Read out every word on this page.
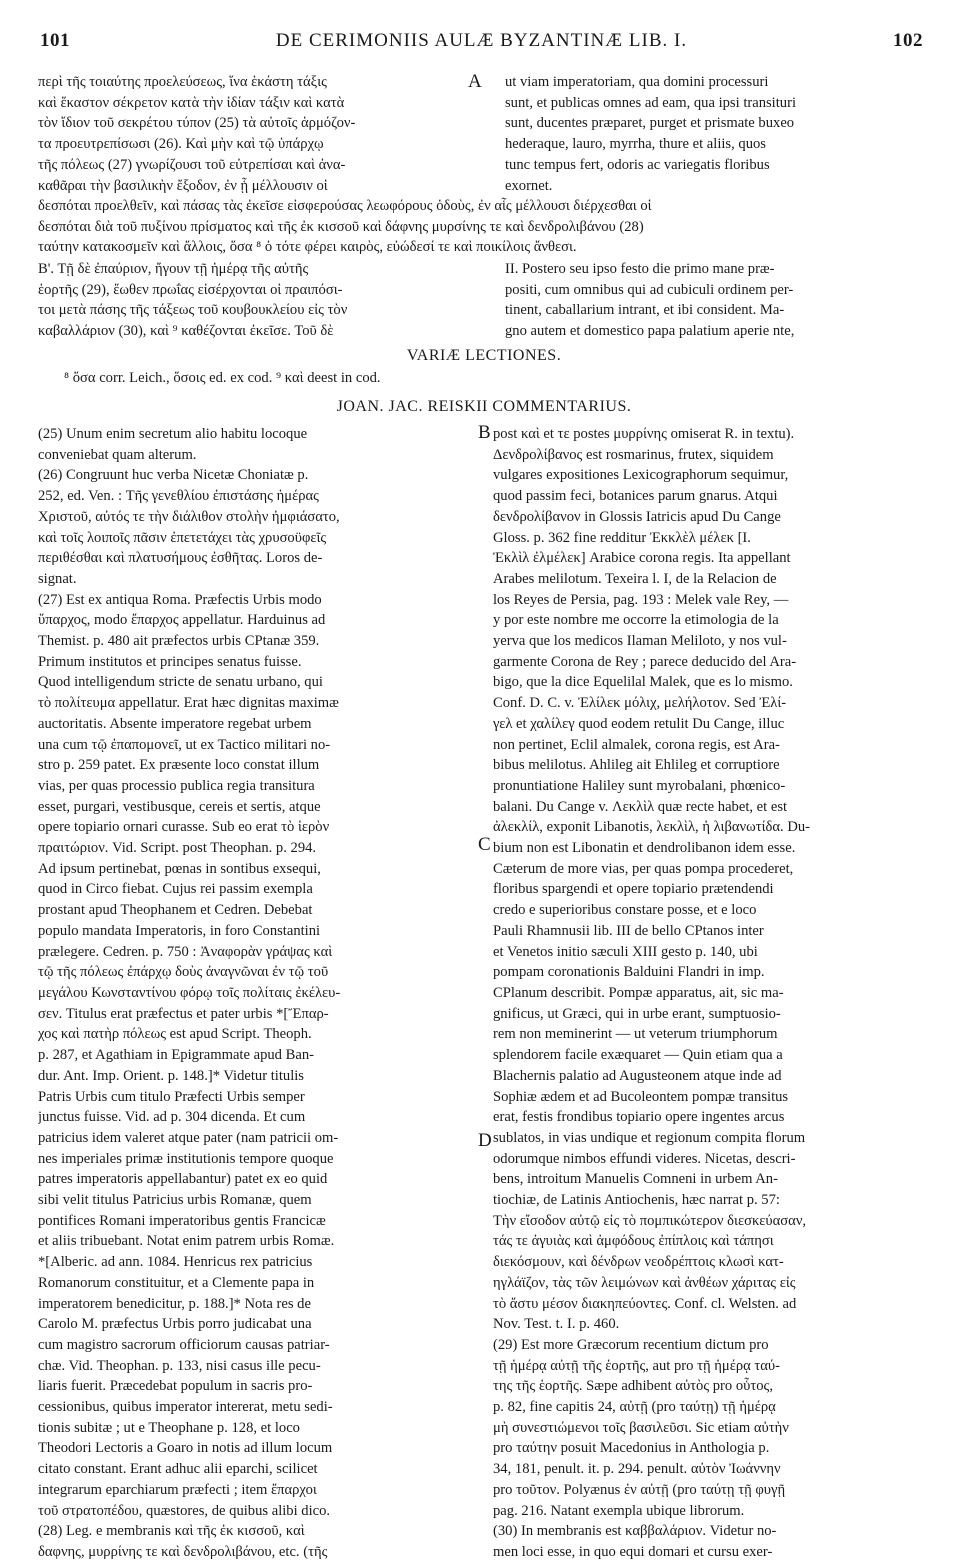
101	DE CERIMONIIS AULÆ BYZANTINÆ LIB. I.	102
A
B
C
D
περὶ τῆς τοιαύτης προελεύσεως, ἵνα ἑκάστη τάξις
καὶ ἕκαστον σέκρετον κατὰ τὴν ἰδίαν τάξιν καὶ κατὰ
τὸν ἴδιον τοῦ σεκρέτου τύπον (25) τὰ αὐτοῖς ἁρμόζον-
τα προευτρεπίσωσι (26). Καὶ μὴν καὶ τῷ ὑπάρχῳ
τῆς πόλεως (27) γνωρίζουσι τοῦ εὐτρεπίσαι καὶ ἀνα-
καθᾶραι τὴν βασιλικὴν ἔξοδον, ἐν ᾗ μέλλουσιν οἱ
ut viam imperatoriam, qua domini processuri
sunt, et publicas omnes ad eam, qua ipsi transituri
sunt, ducentes præparet, purget et prismate buxeo
hederaque, lauro, myrrha, thure et aliis, quos
tunc tempus fert, odoris ac variegatis floribus
exornet.
δεσπόται προελθεῖν, καὶ πάσας τὰς ἐκεῖσε εἰσφερούσας λεωφόρους ὁδοὺς, ἐν αἷς μέλλουσι διέρχεσθαι οἱ
δεσπόται διὰ τοῦ πυξίνου πρίσματος καὶ τῆς ἐκ κισσοῦ καὶ δάφνης μυρσίνης τε καὶ δενδρολιβάνου (28)
ταύτην κατακοσμεῖν καὶ ἄλλοις, ὅσα ⁸ ὁ τότε φέρει καιρὸς, εὐώδεσί τε καὶ ποικίλοις ἄνθεσι.
Β'. Τῇ δὲ ἐπαύριον, ἤγουν τῇ ἡμέρᾳ τῆς αὐτῆς
ἑορτῆς (29), ἕωθεν πρωΐας εἰσέρχονται οἱ πραιπόσι-
τοι μετὰ πάσης τῆς τάξεως τοῦ κουβουκλείου εἰς τὸν
καβαλλάριον (30), καὶ ⁹ καθέζονται ἐκεῖσε. Τοῦ δὲ
II. Postero seu ipso festo die primo mane præ-
positi, cum omnibus qui ad cubiculi ordinem per-
tinent, caballarium intrant, et ibi consident. Ma-
gno autem et domestico papa palatium aperie nte,
VARIÆ LECTIONES.
⁸ ὅσα corr. Leich., ὅσοις ed. ex cod. ⁹ καὶ deest in cod.
JOAN. JAC. REISKII COMMENTARIUS.
(25) Unum enim secretum alio habitu locoque
conveniebat quam alterum.
(26) Congruunt huc verba Nicetæ Choniatæ p.
252, ed. Ven. : Τῆς γενεθλίου ἐπιστάσης ἡμέρας
Χριστοῦ, αὐτός τε τὴν διάλιθον στολὴν ἠμφιάσατο,
καὶ τοῖς λοιποῖς πᾶσιν ἐπετετάχει τὰς χρυσοϋφεῖς
περιθέσθαι καὶ πλατυσήμους ἐσθῆτας. Loros de-
signat.
(27) Est ex antiqua Roma. Præfectis Urbis modo
ὕπαρχος, modo ἔπαρχος appellatur. Harduinus ad
Themist. p. 480 ait præfectos urbis CPtanæ 359.
Primum institutos et principes senatus fuisse.
Quod intelligendum stricte de senatu urbano, qui
τὸ πολίτευμα appellatur. Erat hæc dignitas maximæ
auctoritatis. Absente imperatore regebat urbem
una cum τῷ ἐπαπομονεῖ, ut ex Tactico militari no-
stro p. 259 patet. Ex præsente loco constat illum
vias, per quas processio publica regia transitura
esset, purgari, vestibusque, cereis et sertis, atque
opere topiario ornari curasse. Sub eo erat τὸ ἱερὸν
πραιτώριον. Vid. Script. post Theophan. p. 294.
Ad ipsum pertinebat, pœnas in sontibus exsequi,
quod in Circo fiebat. Cujus rei passim exempla
prostant apud Theophanem et Cedren. Debebat
populo mandata Imperatoris, in foro Constantini
prælegere. Cedren. p. 750 : Ἀναφορὰν γράψας καὶ
τῷ τῆς πόλεως ἐπάρχῳ δοὺς ἀναγνῶναι ἐν τῷ τοῦ
μεγάλου Κωνσταντίνου φόρῳ τοῖς πολίταις ἐκέλευ-
σεν. Titulus erat præfectus et pater urbis *[Ἔπαρ-
χος καὶ πατὴρ πόλεως est apud Script. Theoph.
p. 287, et Agathiam in Epigrammate apud Ban-
dur. Ant. Imp. Orient. p. 148.]* Videtur titulis
Patris Urbis cum titulo Præfecti Urbis semper
junctus fuisse. Vid. ad p. 304 dicenda. Et cum
patricius idem valeret atque pater (nam patricii om-
nes imperiales primæ institutionis tempore quoque
patres imperatoris appellabantur) patet ex eo quid
sibi velit titulus Patricius urbis Romanæ, quem
pontifices Romani imperatoribus gentis Francicæ
et aliis tribuebant. Notat enim patrem urbis Romæ.
*[Alberic. ad ann. 1084. Henricus rex patricius
Romanorum constituitur, et a Clemente papa in
imperatorem benedicitur, p. 188.]* Nota res de
Carolo M. præfectus Urbis porro judicabat una
cum magistro sacrorum officiorum causas patriar-
chæ. Vid. Theophan. p. 133, nisi casus ille pecu-
liaris fuerit. Præcedebat populum in sacris pro-
cessionibus, quibus imperator intererat, metu sedi-
tionis subitæ ; ut e Theophane p. 128, et loco
Theodori Lectoris a Goaro in notis ad illum locum
citato constant. Erant adhuc alii eparchi, scilicet
integrarum eparchiarum præfecti ; item ἔπαρχοι
τοῦ στρατοπέδου, quæstores, de quibus alibi dico.
(28) Leg. e membranis καὶ τῆς ἐκ κισσοῦ, καὶ
δαφνης, μυρρίνης τε καὶ δενδρολιβάνου, etc. (τῆς
post καὶ et τε postes μυρρίνης omiserat R. in textu).
Δενδρολίβανος est rosmarinus, frutex, siquidem
vulgares expositiones Lexicographorum sequimur,
quod passim feci, botanices parum gnarus. Atqui
δενδρολίβανον in Glossis Iatricis apud Du Cange
Gloss. p. 362 fine redditur Ἐκκλὲλ μέλεκ [Ι.
Ἐκλὶλ ἐλμέλεκ] Arabice corona regis. Ita appellant
Arabes melilotum. Texeira l. I, de la Relacion de
los Reyes de Persia, pag. 193 : Melek vale Rey, —
y por este nombre me occorre la etimologia de la
yerva que los medicos Ilaman Meliloto, y nos vul-
garmente Corona de Rey ; parece deducido del Ara-
bigo, que la dice Equelilal Malek, que es lo mismo.
Conf. D. C. v. Ἐλίλεκ μόλιχ, μελήλοτον. Sed Ἐλί-
γελ et χαλίλεγ quod eodem retulit Du Cange, illuc
non pertinet, Eclil almalek, corona regis, est Ara-
bibus melilotus. Ahlileg ait Ehlileg et corruptiore
pronuntiatione Haliley sunt myrobalani, phœnico-
balani. Du Cange v. Λεκλὶλ quæ recte habet, et est
ἀλεκλίλ, exponit Libanotis, λεκλὶλ, ἡ λιβανωτίδα. Du-
bium non est Libonatin et dendrolibanon idem esse.
Cæterum de more vias, per quas pompa procederet,
floribus spargendi et opere topiario prætendendi
credo e superioribus constare posse, et e loco
Pauli Rhamnusii lib. III de bello CPtanos inter
et Venetos initio sæculi XIII gesto p. 140, ubi
pompam coronationis Balduini Flandri in imp.
CPlanum describit. Pompæ apparatus, ait, sic ma-
gnificus, ut Græci, qui in urbe erant, sumptuosio-
rem non meminerint — ut veterum triumphorum
splendorem facile exæquaret — Quin etiam qua a
Blachernis palatio ad Augusteonem atque inde ad
Sophiæ ædem et ad Bucoleontem pompæ transitus
erat, festis frondibus topiario opere ingentes arcus
sublatos, in vias undique et regionum compita florum
odorumque nimbos effundi videres. Nicetas, descri-
bens, introitum Manuelis Comneni in urbem An-
tiochiæ, de Latinis Antiochenis, hæc narrat p. 57:
Τὴν εἴσοδον αὐτῷ εἰς τὸ πομπικώτερον διεσκεύασαν,
τάς τε ἀγυιὰς καὶ ἀμφόδους ἐπίπλοις καὶ τάπησι
διεκόσμουν, καὶ δένδρων νεοδρέπτοις κλωσὶ κατ-
ηγλάϊζον, τὰς τῶν λειμώνων καὶ ἀνθέων χάριτας εἰς
τὸ ἄστυ μέσον διακηπεύοντες. Conf. cl. Welsten. ad
Nov. Test. t. I. p. 460.
(29) Est more Græcorum recentium dictum pro
τῇ ἡμέρᾳ αὐτῇ τῆς ἑορτῆς, aut pro τῇ ἡμέρᾳ ταύ-
της τῆς ἑορτῆς. Sæpe adhibent αὐτὸς pro οὗτος,
p. 82, fine capitis 24, αὐτῇ (pro ταύτῃ) τῇ ἡμέρᾳ
μὴ συνεστιώμενοι τοῖς βασιλεῦσι. Sic etiam αὐτὴν
pro ταύτην posuit Macedonius in Anthologia p.
34, 181, penult. it. p. 294. penult. αὐτὸν Ἰωάννην
pro τοῦτον. Polyænus ἐν αὐτῇ (pro ταύτῃ τῇ φυγῇ
pag. 216. Natant exempla ubique librorum.
(30) In membranis est καββαλάριον. Videtur no-
men loci esse, in quo equi domari et cursu exer-
